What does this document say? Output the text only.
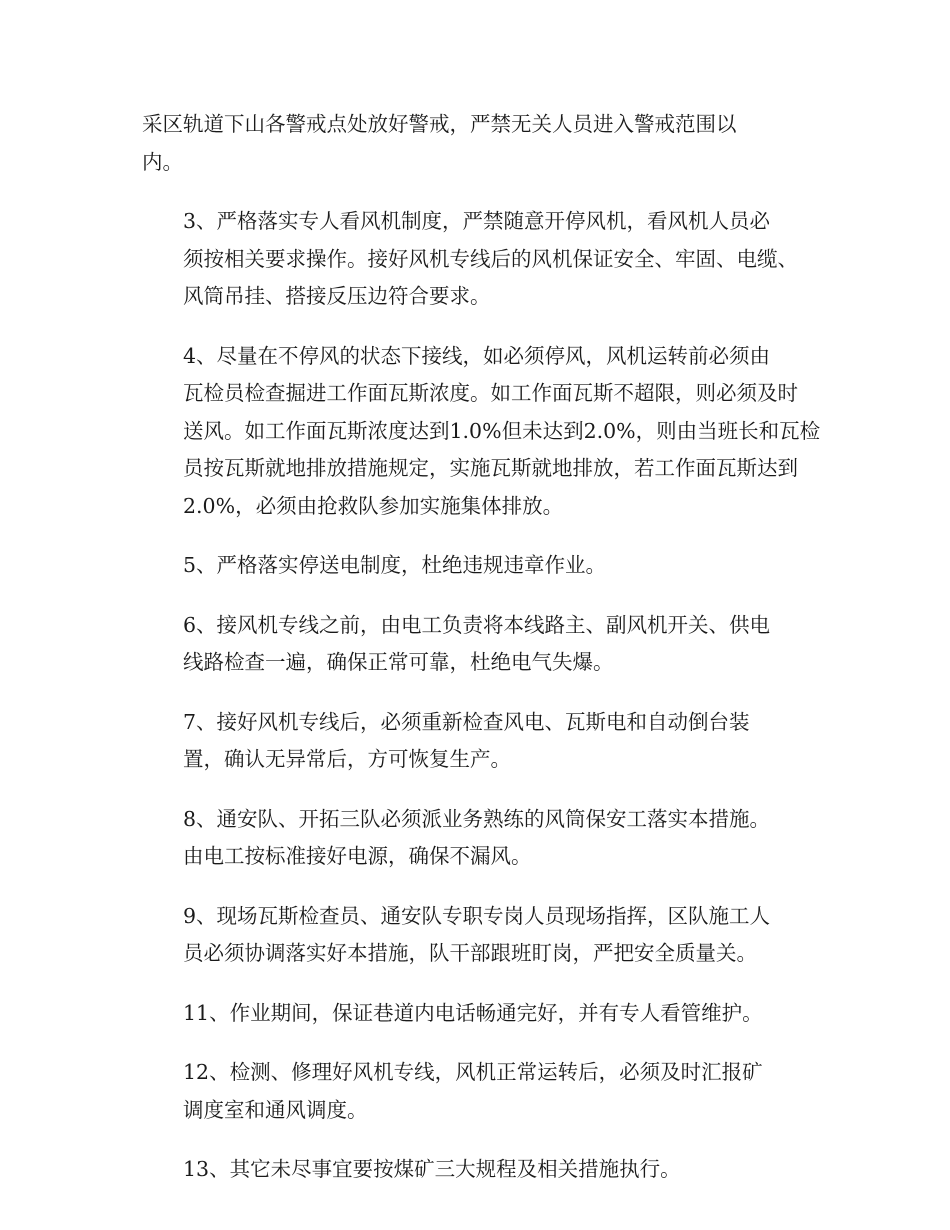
采区轨道下山各警戒点处放好警戒，严禁无关人员进入警戒范围以
内。

3、严格落实专人看风机制度，严禁随意开停风机，看风机人员必
须按相关要求操作。接好风机专线后的风机保证安全、牢固、电缆、
风筒吊挂、搭接反压边符合要求。

4、尽量在不停风的状态下接线，如必须停风，风机运转前必须由
瓦检员检查掘进工作面瓦斯浓度。如工作面瓦斯不超限，则必须及时
送风。如工作面瓦斯浓度达到1.0%但未达到2.0%，则由当班长和瓦检
员按瓦斯就地排放措施规定，实施瓦斯就地排放，若工作面瓦斯达到
2.0%，必须由抢救队参加实施集体排放。

5、严格落实停送电制度，杜绝违规违章作业。

6、接风机专线之前，由电工负责将本线路主、副风机开关、供电
线路检查一遍，确保正常可靠，杜绝电气失爆。

7、接好风机专线后，必须重新检查风电、瓦斯电和自动倒台装
置，确认无异常后，方可恢复生产。

8、通安队、开拓三队必须派业务熟练的风筒保安工落实本措施。
由电工按标准接好电源，确保不漏风。

9、现场瓦斯检查员、通安队专职专岗人员现场指挥，区队施工人
员必须协调落实好本措施，队干部跟班盯岗，严把安全质量关。

11、作业期间，保证巷道内电话畅通完好，并有专人看管维护。

12、检测、修理好风机专线，风机正常运转后，必须及时汇报矿
调度室和通风调度。

13、其它未尽事宜要按煤矿三大规程及相关措施执行。
